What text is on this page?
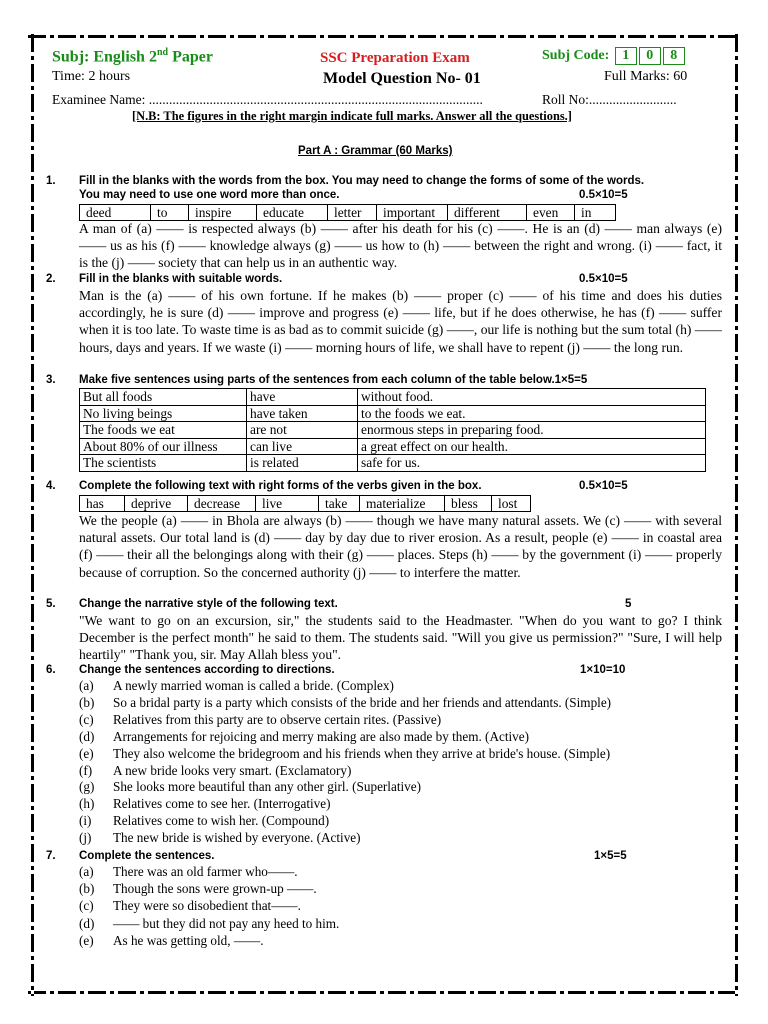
Subj: English 2nd Paper	SSC Preparation Exam	Subj Code: 1 0 8
Time: 2 hours	Model Question No- 01	Full Marks: 60
Examinee Name: ...................................................................................................	Roll No:..........................
[N.B: The figures in the right margin indicate full marks. Answer all the questions.]
Part A : Grammar (60 Marks)
1. Fill in the blanks with the words from the box. You may need to change the forms of some of the words.
You may need to use one word more than once.	0.5×10=5
deed	to	inspire	educate	letter	important	different	even	in
A man of (a) —— is respected always (b) —— after his death for his (c) ——. He is an (d) —— man always (e) —— us as his (f) —— knowledge always (g) —— us how to (h) —— between the right and wrong. (i) —— fact, it is the (j) —— society that can help us in an authentic way.
2. Fill in the blanks with suitable words.	0.5×10=5
Man is the (a) —— of his own fortune. If he makes (b) —— proper (c) —— of his time and does his duties accordingly, he is sure (d) —— improve and progress (e) —— life, but if he does otherwise, he has (f) —— suffer when it is too late. To waste time is as bad as to commit suicide (g) ——, our life is nothing but the sum total (h) —— hours, days and years. If we waste (i) —— morning hours of life, we shall have to repent (j) —— the long run.
3. Make five sentences using parts of the sentences from each column of the table below.1×5=5
But all foods	have	without food.
No living beings	have taken	to the foods we eat.
The foods we eat	are not	enormous steps in preparing food.
About 80% of our illness	can live	a great effect on our health.
The scientists	is related	safe for us.
4. Complete the following text with right forms of the verbs given in the box.	0.5×10=5
has	deprive	decrease	live	take	materialize	bless	lost
We the people (a) —— in Bhola are always (b) —— though we have many natural assets. We (c) —— with several natural assets. Our total land is (d) —— day by day due to river erosion. As a result, people (e) —— in coastal area (f) —— their all the belongings along with their (g) —— places. Steps (h) —— by the government (i) —— properly because of corruption. So the concerned authority (j) —— to interfere the matter.
5. Change the narrative style of the following text.	5
"We want to go on an excursion, sir," the students said to the Headmaster. "When do you want to go? I think December is the perfect month" he said to them. The students said. "Will you give us permission?" "Sure, I will help heartily" "Thank you, sir. May Allah bless you".
6. Change the sentences according to directions.	1×10=10
(a) A newly married woman is called a bride. (Complex)
(b) So a bridal party is a party which consists of the bride and her friends and attendants. (Simple)
(c) Relatives from this party are to observe certain rites. (Passive)
(d) Arrangements for rejoicing and merry making are also made by them. (Active)
(e) They also welcome the bridegroom and his friends when they arrive at bride's house. (Simple)
(f) A new bride looks very smart. (Exclamatory)
(g) She looks more beautiful than any other girl. (Superlative)
(h) Relatives come to see her. (Interrogative)
(i) Relatives come to wish her. (Compound)
(j) The new bride is wished by everyone. (Active)
7. Complete the sentences.	1×5=5
(a) There was an old farmer who——.
(b) Though the sons were grown-up ——.
(c) They were so disobedient that——.
(d) —— but they did not pay any heed to him.
(e) As he was getting old, ——.
